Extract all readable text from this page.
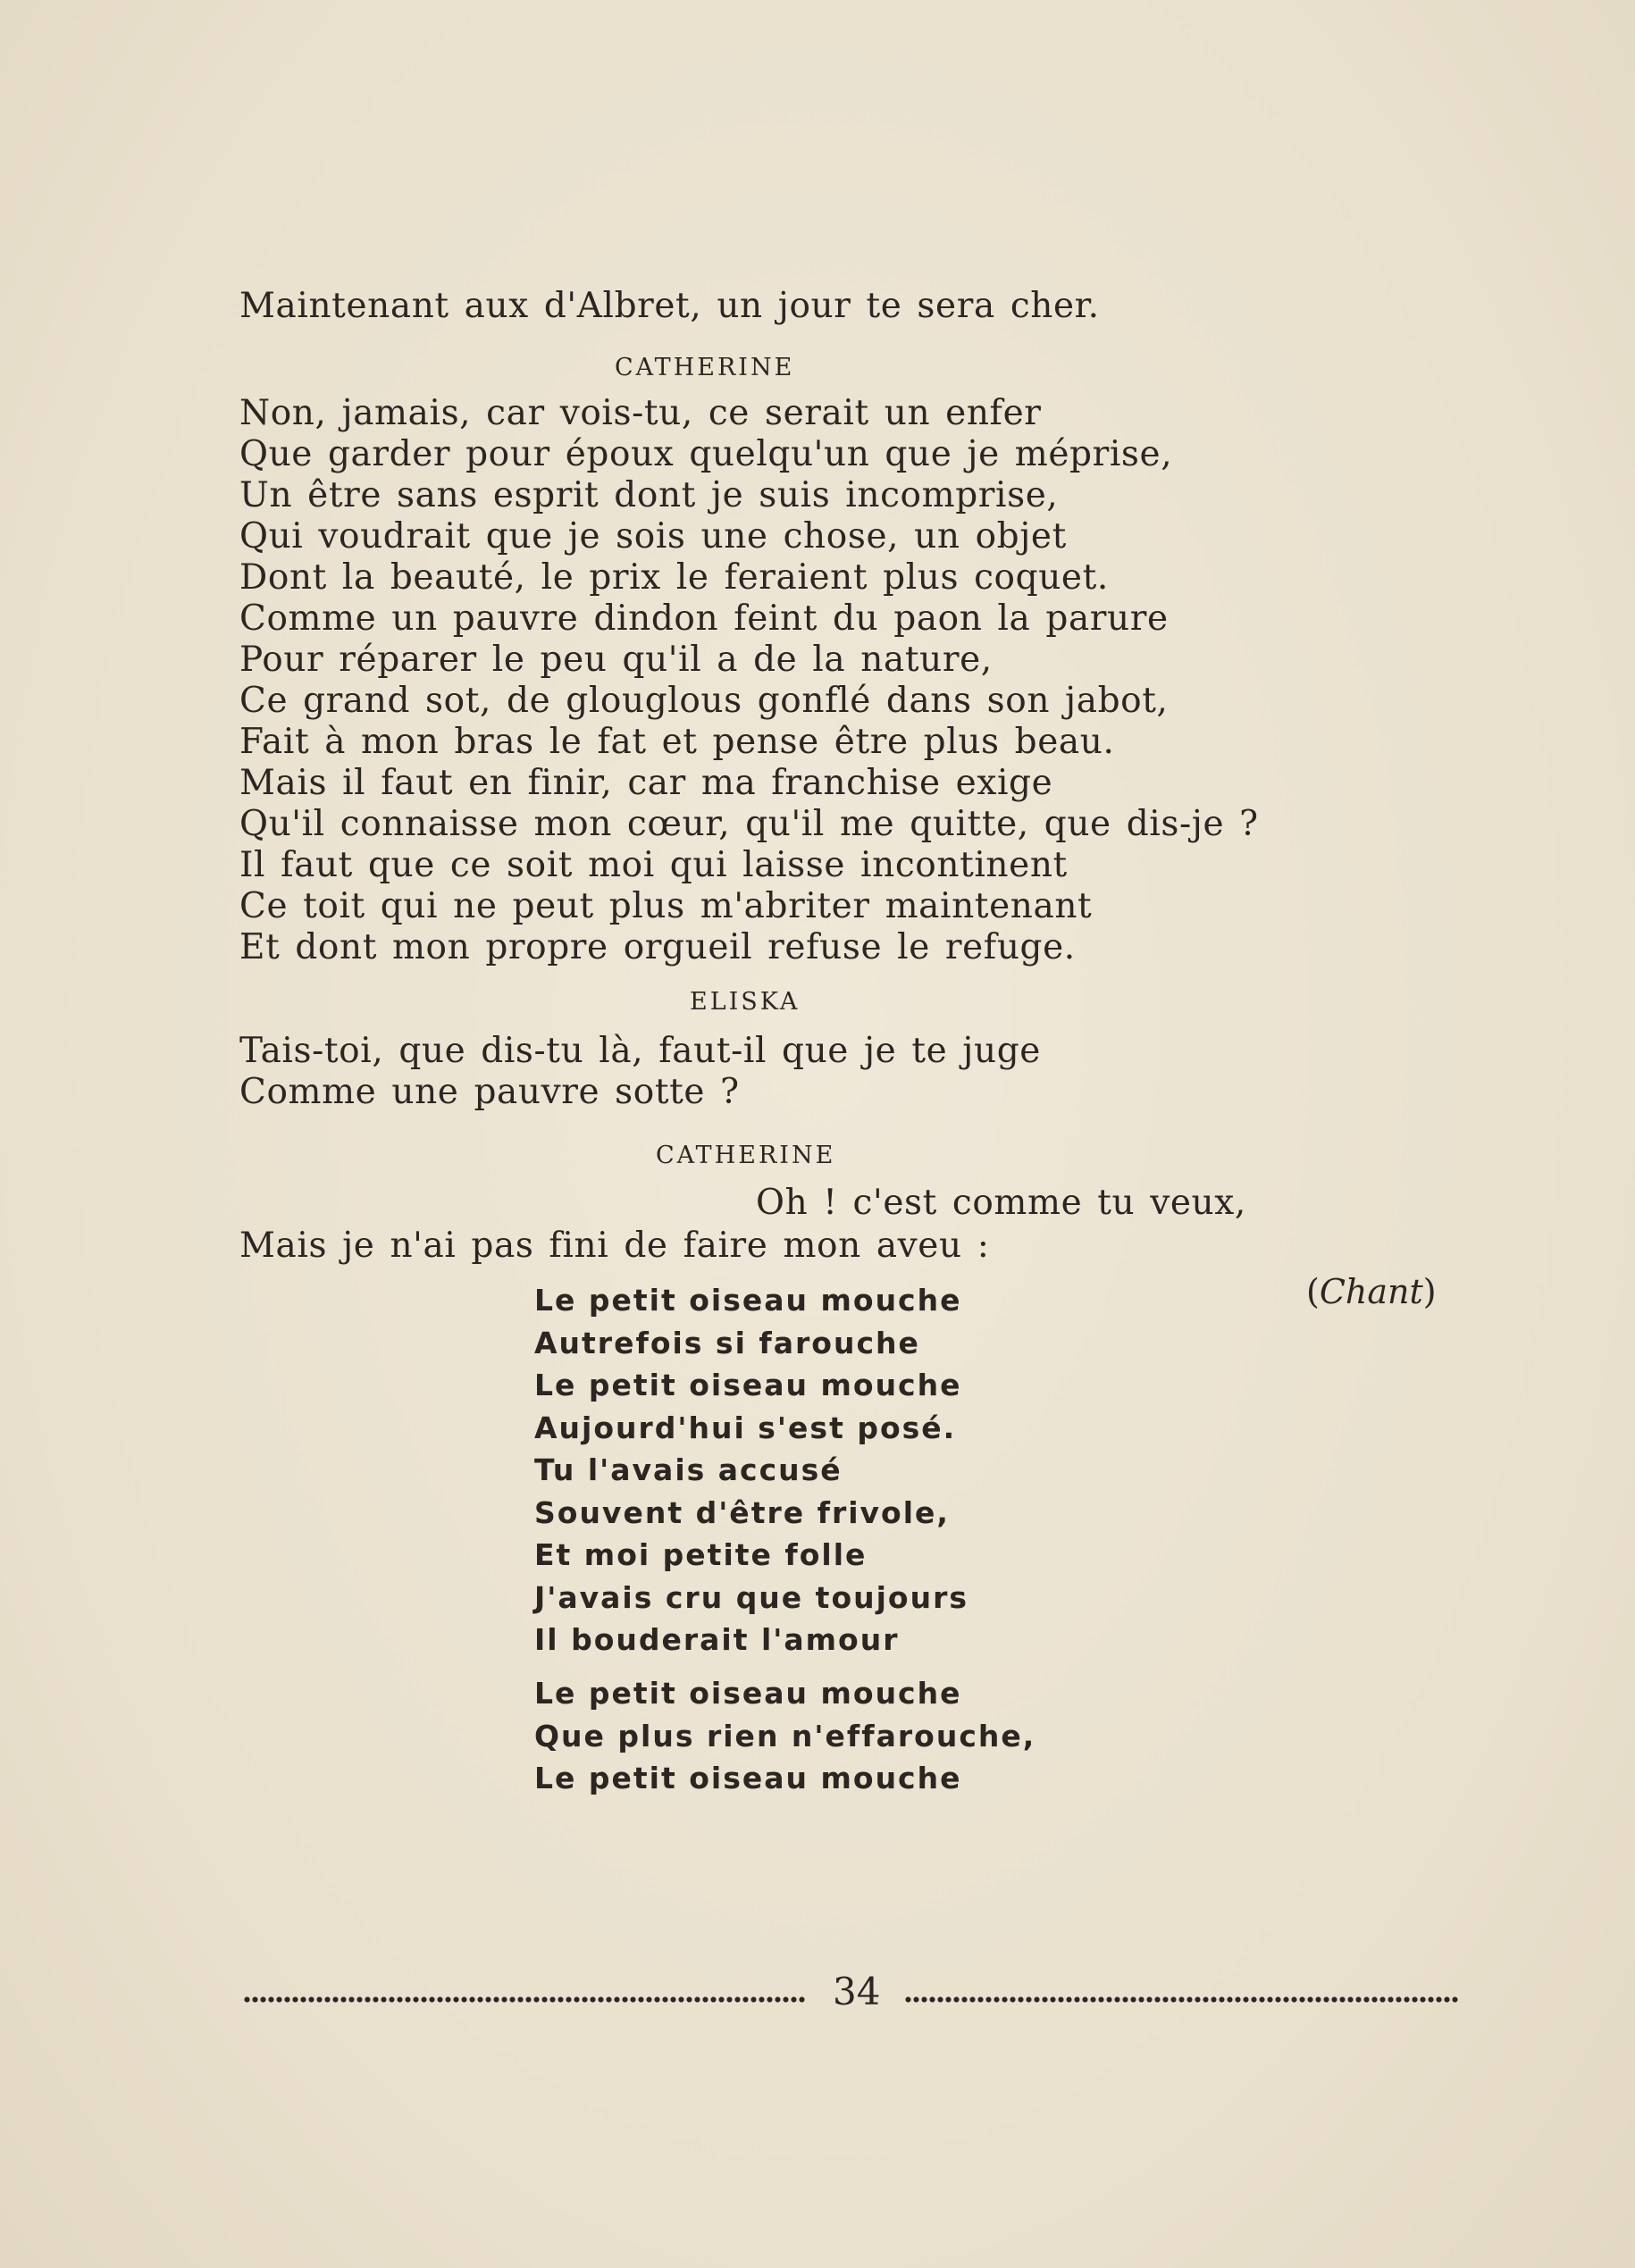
Maintenant aux d'Albret, un jour te sera cher.
CATHERINE
Non, jamais, car vois-tu, ce serait un enfer
Que garder pour époux quelqu'un que je méprise,
Un être sans esprit dont je suis incomprise,
Qui voudrait que je sois une chose, un objet
Dont la beauté, le prix le feraient plus coquet.
Comme un pauvre dindon feint du paon la parure
Pour réparer le peu qu'il a de la nature,
Ce grand sot, de glouglous gonflé dans son jabot,
Fait à mon bras le fat et pense être plus beau.
Mais il faut en finir, car ma franchise exige
Qu'il connaisse mon cœur, qu'il me quitte, que dis-je ?
Il faut que ce soit moi qui laisse incontinent
Ce toit qui ne peut plus m'abriter maintenant
Et dont mon propre orgueil refuse le refuge.
ELISKA
Tais-toi, que dis-tu là, faut-il que je te juge
Comme une pauvre sotte ?
CATHERINE
Oh ! c'est comme tu veux,
Mais je n'ai pas fini de faire mon aveu :
(Chant)
Le petit oiseau mouche
Autrefois si farouche
Le petit oiseau mouche
Aujourd'hui s'est posé.
Tu l'avais accusé
Souvent d'être frivole,
Et moi petite folle
J'avais cru que toujours
Il bouderait l'amour
Le petit oiseau mouche
Que plus rien n'effarouche,
Le petit oiseau mouche
34
